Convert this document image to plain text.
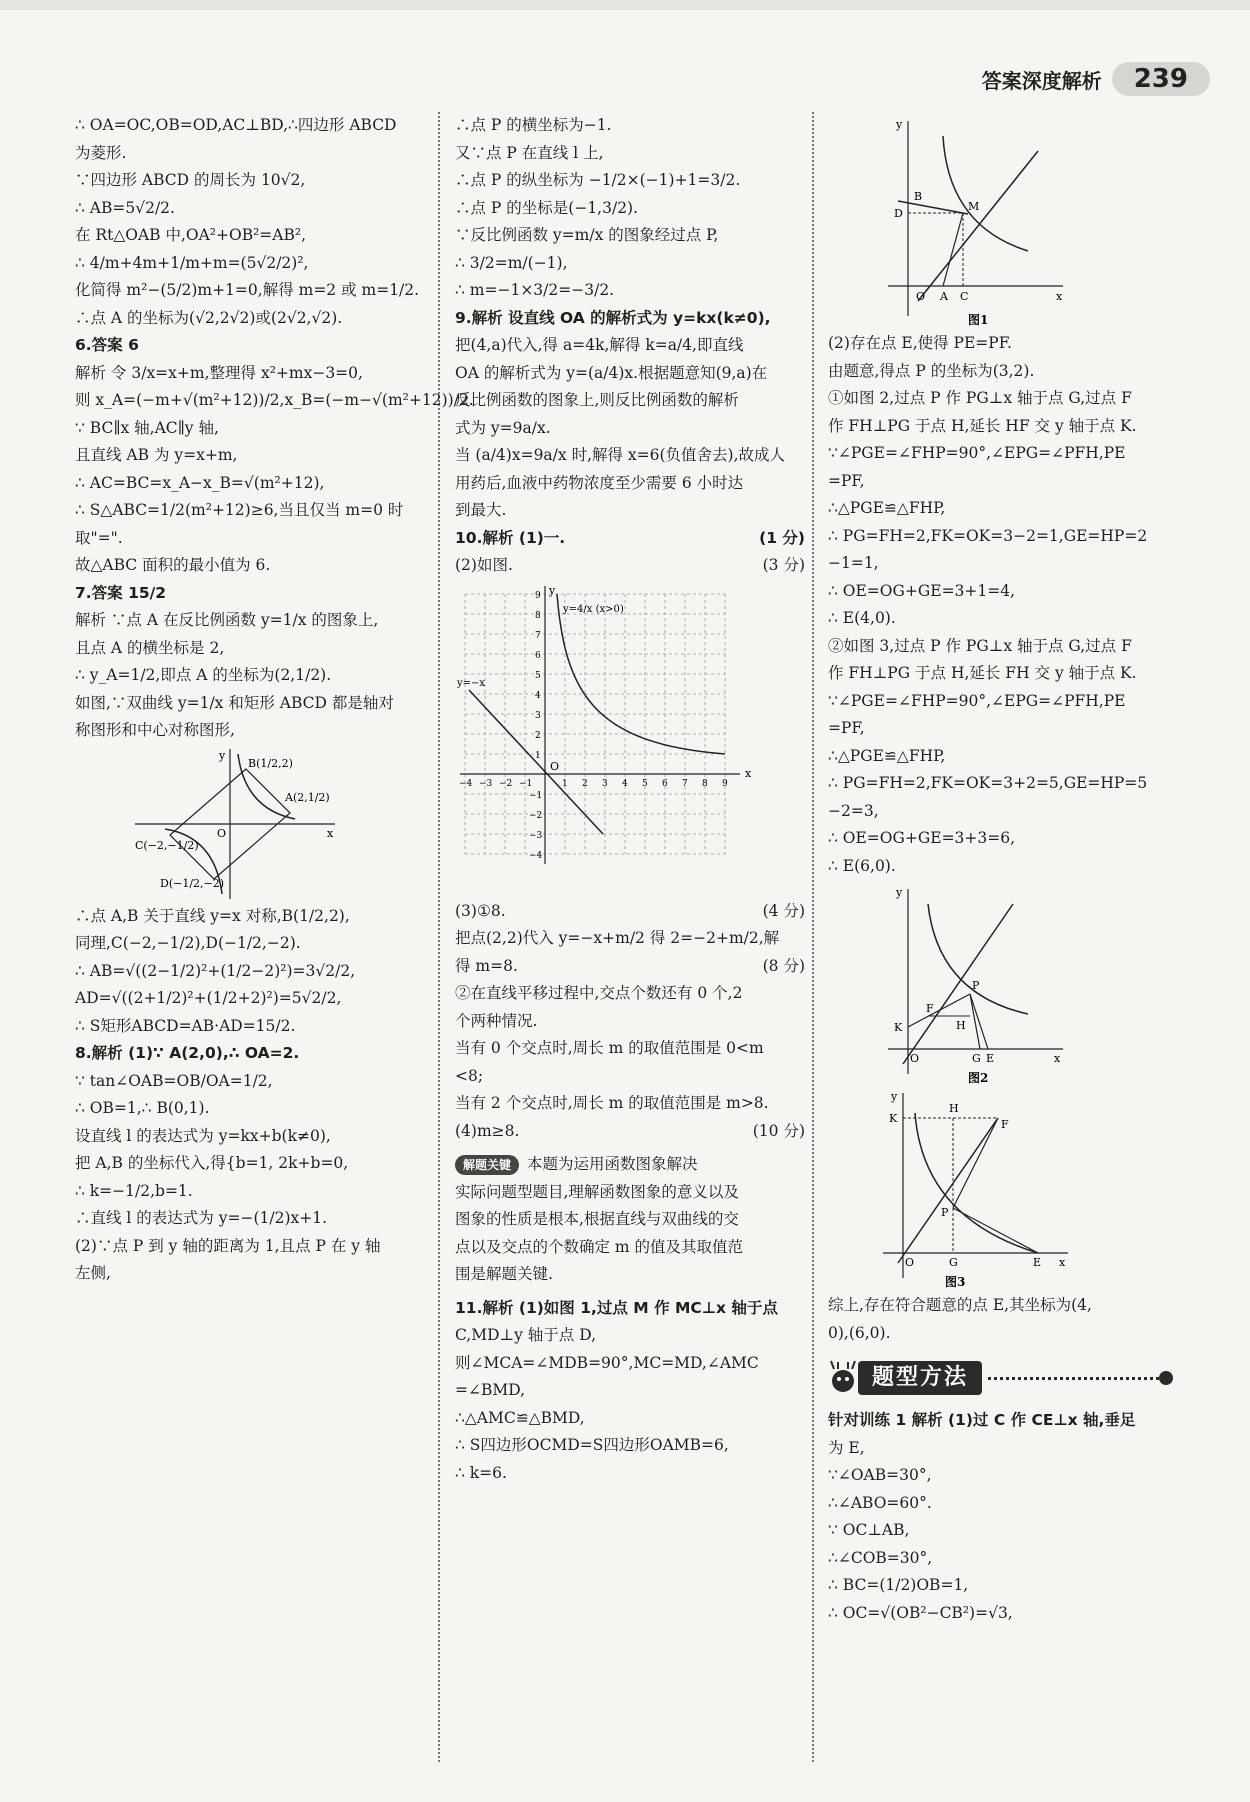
答案深度解析	239
∴ OA=OC,OB=OD,AC⊥BD,∴四边形 ABCD
为菱形.
∵四边形 ABCD 的周长为 10√2,
∴ AB=5√2/2.
在 Rt△OAB 中,OA²+OB²=AB²,
∴ 4/m+4m+1/m+m=(5√2/2)²,
化简得 m²−(5/2)m+1=0,解得 m=2 或 m=1/2.
∴点 A 的坐标为(√2,2√2)或(2√2,√2).
6.答案 6
解析 令 3/x=x+m,整理得 x²+mx−3=0,
则 x_A=(−m+√(m²+12))/2,x_B=(−m−√(m²+12))/2.
∵ BC∥x 轴,AC∥y 轴,
且直线 AB 为 y=x+m,
∴ AC=BC=x_A−x_B=√(m²+12),
∴ S△ABC=1/2(m²+12)≥6,当且仅当 m=0 时
取"=".
故△ABC 面积的最小值为 6.
7.答案 15/2
解析 ∵点 A 在反比例函数 y=1/x 的图象上,
且点 A 的横坐标是 2,
∴ y_A=1/2,即点 A 的坐标为(2,1/2).
如图,∵双曲线 y=1/x 和矩形 ABCD 都是轴对
称图形和中心对称图形,
B(1/2,2)
A(2,1/2)
C(−2,−1/2)
D(−1/2,−2)
O	x
y
∴点 A,B 关于直线 y=x 对称,B(1/2,2),
同理,C(−2,−1/2),D(−1/2,−2).
∴ AB=√((2−1/2)²+(1/2−2)²)=3√2/2,
AD=√((2+1/2)²+(1/2+2)²)=5√2/2,
∴ S矩形ABCD=AB·AD=15/2.
8.解析 (1)∵ A(2,0),∴ OA=2.
∵ tan∠OAB=OB/OA=1/2,
∴ OB=1,∴ B(0,1).
设直线 l 的表达式为 y=kx+b(k≠0),
把 A,B 的坐标代入,得{b=1, 2k+b=0,
∴ k=−1/2,b=1.
∴直线 l 的表达式为 y=−(1/2)x+1.
(2)∵点 P 到 y 轴的距离为 1,且点 P 在 y 轴
左侧,
∴点 P 的横坐标为−1.
又∵点 P 在直线 l 上,
∴点 P 的纵坐标为 −1/2×(−1)+1=3/2.
∴点 P 的坐标是(−1,3/2).
∵反比例函数 y=m/x 的图象经过点 P,
∴ 3/2=m/(−1),
∴ m=−1×3/2=−3/2.
9.解析 设直线 OA 的解析式为 y=kx(k≠0),
把(4,a)代入,得 a=4k,解得 k=a/4,即直线
OA 的解析式为 y=(a/4)x.根据题意知(9,a)在
反比例函数的图象上,则反比例函数的解析
式为 y=9a/x.
当 (a/4)x=9a/x 时,解得 x=6(负值舍去),故成人
用药后,血液中药物浓度至少需要 6 小时达
到最大.
10.解析 (1)一.	(1 分)
(2)如图.	(3 分)
y=4/x (x>0)
y=−x
O
x
y
−4 −3 −2 −1	1 2 3 4 5 6 7 8 9
9
8
7
6
5
4
3
2
1
−1
−2
−3
−4
(3)①8.	(4 分)
把点(2,2)代入 y=−x+m/2 得 2=−2+m/2,解
得 m=8.	(8 分)
②在直线平移过程中,交点个数还有 0 个,2
个两种情况.
当有 0 个交点时,周长 m 的取值范围是 0<m
<8;
当有 2 个交点时,周长 m 的取值范围是 m>8.
(4)m≥8.	(10 分)
解题关键 本题为运用函数图象解决
实际问题型题目,理解函数图象的意义以及
图象的性质是根本,根据直线与双曲线的交
点以及交点的个数确定 m 的值及其取值范
围是解题关键.
11.解析 (1)如图 1,过点 M 作 MC⊥x 轴于点
C,MD⊥y 轴于点 D,
则∠MCA=∠MDB=90°,MC=MD,∠AMC
=∠BMD,
∴△AMC≌△BMD,
∴ S四边形OCMD=S四边形OAMB=6,
∴ k=6.
B
M
D
O A C	x
y
图1
(2)存在点 E,使得 PE=PF.
由题意,得点 P 的坐标为(3,2).
①如图 2,过点 P 作 PG⊥x 轴于点 G,过点 F
作 FH⊥PG 于点 H,延长 HF 交 y 轴于点 K.
∵∠PGE=∠FHP=90°,∠EPG=∠PFH,PE
=PF,
∴△PGE≌△FHP,
∴ PG=FH=2,FK=OK=3−2=1,GE=HP=2
−1=1,
∴ OE=OG+GE=3+1=4,
∴ E(4,0).
②如图 3,过点 P 作 PG⊥x 轴于点 G,过点 F
作 FH⊥PG 于点 H,延长 FH 交 y 轴于点 K.
∵∠PGE=∠FHP=90°,∠EPG=∠PFH,PE
=PF,
∴△PGE≌△FHP,
∴ PG=FH=2,FK=OK=3+2=5,GE=HP=5
−2=3,
∴ OE=OG+GE=3+3=6,
∴ E(6,0).
P
F
K	H
O	G E	x
y
图2
H
K	F
P
O	G	E x
y
图3
综上,存在符合题意的点 E,其坐标为(4,
0),(6,0).
题型方法
针对训练 1 解析 (1)过 C 作 CE⊥x 轴,垂足
为 E,
∵∠OAB=30°,
∴∠ABO=60°.
∵ OC⊥AB,
∴∠COB=30°,
∴ BC=(1/2)OB=1,
∴ OC=√(OB²−CB²)=√3,
